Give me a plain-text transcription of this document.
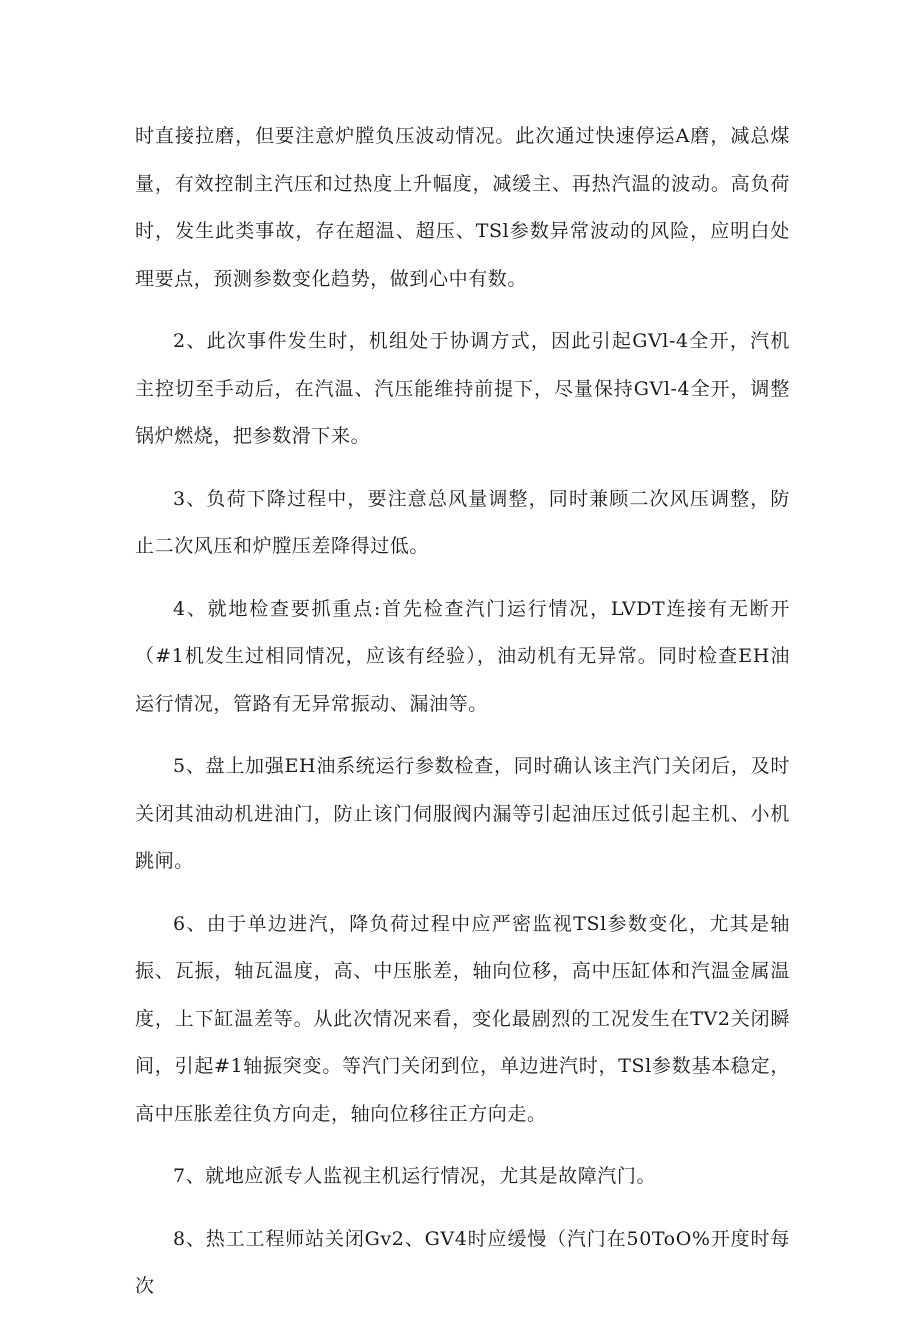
时直接拉磨，但要注意炉膛负压波动情况。此次通过快速停运A磨，减总煤量，有效控制主汽压和过热度上升幅度，减缓主、再热汽温的波动。高负荷时，发生此类事故，存在超温、超压、TSl参数异常波动的风险，应明白处理要点，预测参数变化趋势，做到心中有数。

2、此次事件发生时，机组处于协调方式，因此引起GVl-4全开，汽机主控切至手动后，在汽温、汽压能维持前提下，尽量保持GVl-4全开，调整锅炉燃烧，把参数滑下来。

3、负荷下降过程中，要注意总风量调整，同时兼顾二次风压调整，防止二次风压和炉膛压差降得过低。

4、就地检查要抓重点:首先检查汽门运行情况，LVDT连接有无断开（#1机发生过相同情况，应该有经验），油动机有无异常。同时检查EH油运行情况，管路有无异常振动、漏油等。

5、盘上加强EH油系统运行参数检查，同时确认该主汽门关闭后，及时关闭其油动机进油门，防止该门伺服阀内漏等引起油压过低引起主机、小机跳闸。

6、由于单边进汽，降负荷过程中应严密监视TSl参数变化，尤其是轴振、瓦振，轴瓦温度，高、中压胀差，轴向位移，高中压缸体和汽温金属温度，上下缸温差等。从此次情况来看，变化最剧烈的工况发生在TV2关闭瞬间，引起#1轴振突变。等汽门关闭到位，单边进汽时，TSl参数基本稳定，高中压胀差往负方向走，轴向位移往正方向走。

7、就地应派专人监视主机运行情况，尤其是故障汽门。

8、热工工程师站关闭Gv2、GV4时应缓慢（汽门在50ToO%开度时每次
